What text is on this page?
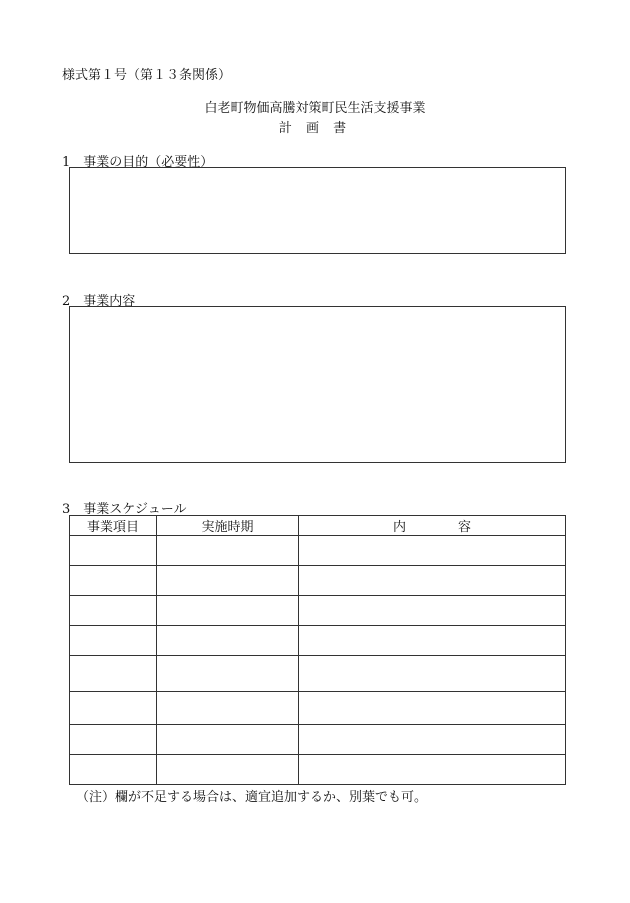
様式第１号（第１３条関係）
白老町物価高騰対策町民生活支援事業
計 画 書
1　事業の目的（必要性）
2　事業内容
3　事業スケジュール
事業項目	実施時期	内　　　　容

（注）欄が不足する場合は、適宜追加するか、別葉でも可。
